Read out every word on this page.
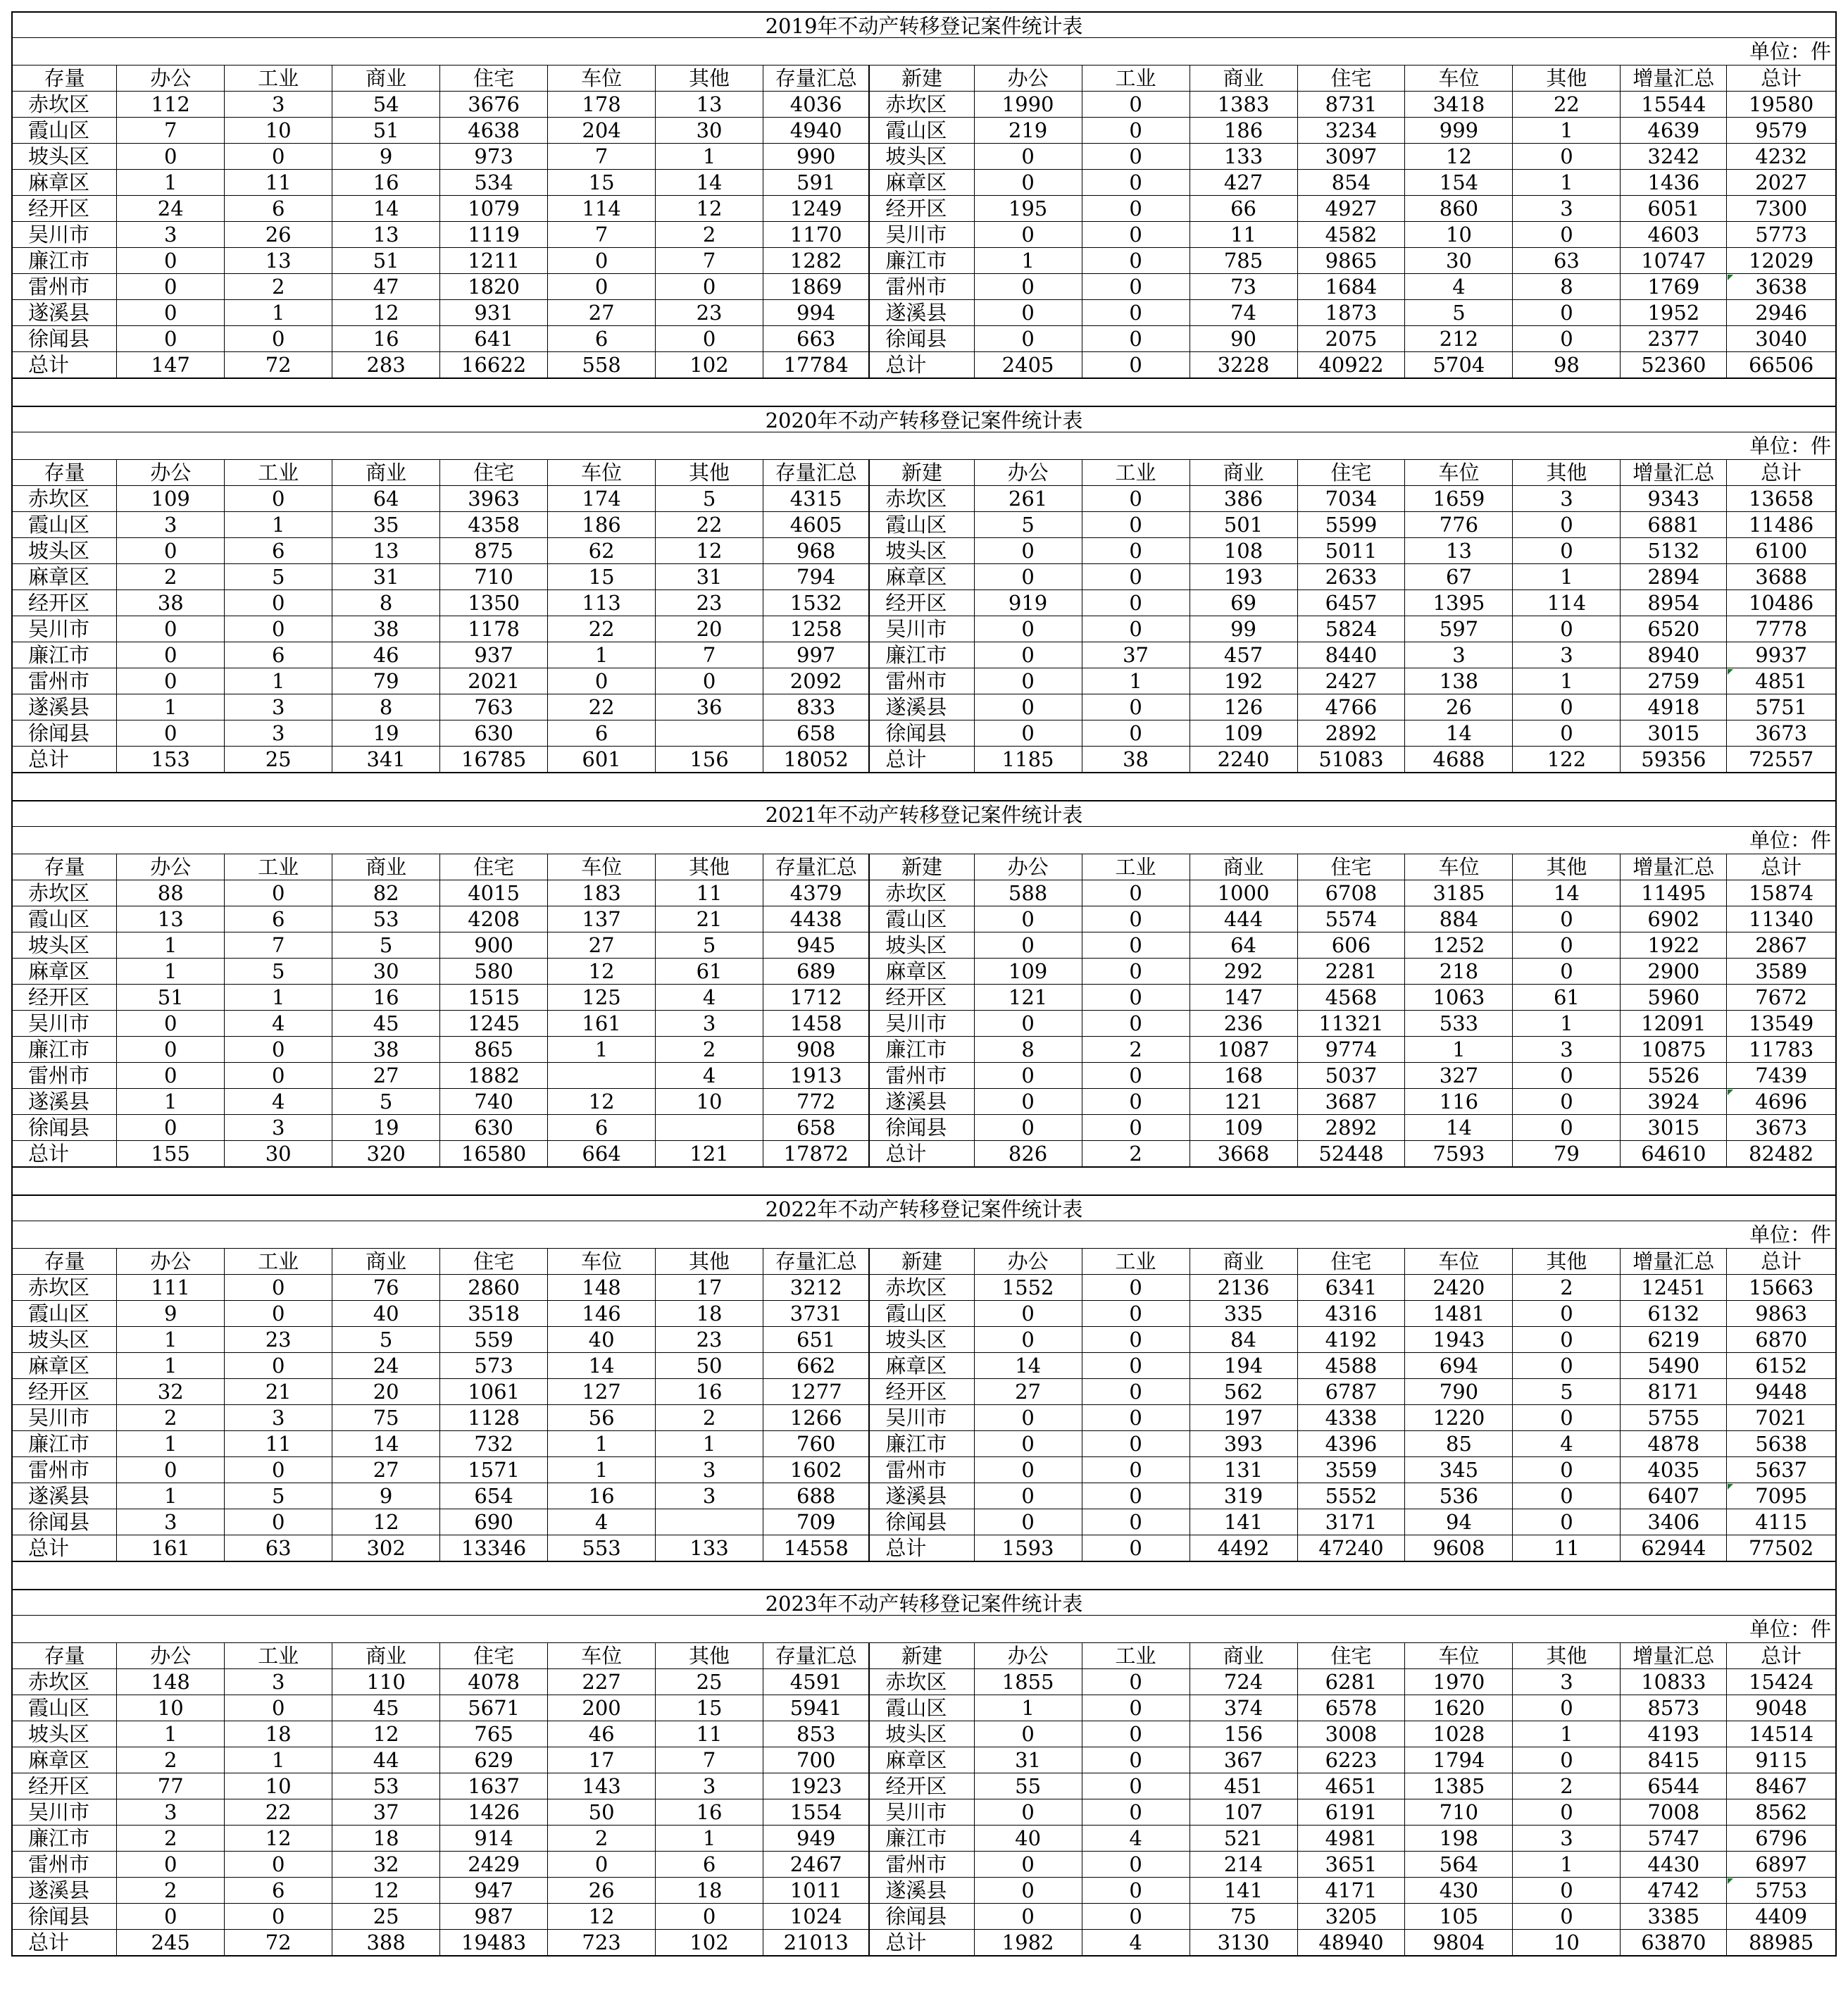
2019年不动产转移登记案件统计表
单位：件
存量	办公	工业	商业	住宅	车位	其他	存量汇总	新建	办公	工业	商业	住宅	车位	其他	增量汇总	总计
赤坎区	112	3	54	3676	178	13	4036	赤坎区	1990	0	1383	8731	3418	22	15544	19580
霞山区	7	10	51	4638	204	30	4940	霞山区	219	0	186	3234	999	1	4639	9579
坡头区	0	0	9	973	7	1	990	坡头区	0	0	133	3097	12	0	3242	4232
麻章区	1	11	16	534	15	14	591	麻章区	0	0	427	854	154	1	1436	2027
经开区	24	6	14	1079	114	12	1249	经开区	195	0	66	4927	860	3	6051	7300
吴川市	3	26	13	1119	7	2	1170	吴川市	0	0	11	4582	10	0	4603	5773
廉江市	0	13	51	1211	0	7	1282	廉江市	1	0	785	9865	30	63	10747	12029
雷州市	0	2	47	1820	0	0	1869	雷州市	0	0	73	1684	4	8	1769	3638
遂溪县	0	1	12	931	27	23	994	遂溪县	0	0	74	1873	5	0	1952	2946
徐闻县	0	0	16	641	6	0	663	徐闻县	0	0	90	2075	212	0	2377	3040
总计	147	72	283	16622	558	102	17784	总计	2405	0	3228	40922	5704	98	52360	66506
2020年不动产转移登记案件统计表
单位：件
存量	办公	工业	商业	住宅	车位	其他	存量汇总	新建	办公	工业	商业	住宅	车位	其他	增量汇总	总计
赤坎区	109	0	64	3963	174	5	4315	赤坎区	261	0	386	7034	1659	3	9343	13658
霞山区	3	1	35	4358	186	22	4605	霞山区	5	0	501	5599	776	0	6881	11486
坡头区	0	6	13	875	62	12	968	坡头区	0	0	108	5011	13	0	5132	6100
麻章区	2	5	31	710	15	31	794	麻章区	0	0	193	2633	67	1	2894	3688
经开区	38	0	8	1350	113	23	1532	经开区	919	0	69	6457	1395	114	8954	10486
吴川市	0	0	38	1178	22	20	1258	吴川市	0	0	99	5824	597	0	6520	7778
廉江市	0	6	46	937	1	7	997	廉江市	0	37	457	8440	3	3	8940	9937
雷州市	0	1	79	2021	0	0	2092	雷州市	0	1	192	2427	138	1	2759	4851
遂溪县	1	3	8	763	22	36	833	遂溪县	0	0	126	4766	26	0	4918	5751
徐闻县	0	3	19	630	6		658	徐闻县	0	0	109	2892	14	0	3015	3673
总计	153	25	341	16785	601	156	18052	总计	1185	38	2240	51083	4688	122	59356	72557
2021年不动产转移登记案件统计表
单位：件
存量	办公	工业	商业	住宅	车位	其他	存量汇总	新建	办公	工业	商业	住宅	车位	其他	增量汇总	总计
赤坎区	88	0	82	4015	183	11	4379	赤坎区	588	0	1000	6708	3185	14	11495	15874
霞山区	13	6	53	4208	137	21	4438	霞山区	0	0	444	5574	884	0	6902	11340
坡头区	1	7	5	900	27	5	945	坡头区	0	0	64	606	1252	0	1922	2867
麻章区	1	5	30	580	12	61	689	麻章区	109	0	292	2281	218	0	2900	3589
经开区	51	1	16	1515	125	4	1712	经开区	121	0	147	4568	1063	61	5960	7672
吴川市	0	4	45	1245	161	3	1458	吴川市	0	0	236	11321	533	1	12091	13549
廉江市	0	0	38	865	1	2	908	廉江市	8	2	1087	9774	1	3	10875	11783
雷州市	0	0	27	1882		4	1913	雷州市	0	0	168	5037	327	0	5526	7439
遂溪县	1	4	5	740	12	10	772	遂溪县	0	0	121	3687	116	0	3924	4696
徐闻县	0	3	19	630	6		658	徐闻县	0	0	109	2892	14	0	3015	3673
总计	155	30	320	16580	664	121	17872	总计	826	2	3668	52448	7593	79	64610	82482
2022年不动产转移登记案件统计表
单位：件
存量	办公	工业	商业	住宅	车位	其他	存量汇总	新建	办公	工业	商业	住宅	车位	其他	增量汇总	总计
赤坎区	111	0	76	2860	148	17	3212	赤坎区	1552	0	2136	6341	2420	2	12451	15663
霞山区	9	0	40	3518	146	18	3731	霞山区	0	0	335	4316	1481	0	6132	9863
坡头区	1	23	5	559	40	23	651	坡头区	0	0	84	4192	1943	0	6219	6870
麻章区	1	0	24	573	14	50	662	麻章区	14	0	194	4588	694	0	5490	6152
经开区	32	21	20	1061	127	16	1277	经开区	27	0	562	6787	790	5	8171	9448
吴川市	2	3	75	1128	56	2	1266	吴川市	0	0	197	4338	1220	0	5755	7021
廉江市	1	11	14	732	1	1	760	廉江市	0	0	393	4396	85	4	4878	5638
雷州市	0	0	27	1571	1	3	1602	雷州市	0	0	131	3559	345	0	4035	5637
遂溪县	1	5	9	654	16	3	688	遂溪县	0	0	319	5552	536	0	6407	7095
徐闻县	3	0	12	690	4		709	徐闻县	0	0	141	3171	94	0	3406	4115
总计	161	63	302	13346	553	133	14558	总计	1593	0	4492	47240	9608	11	62944	77502
2023年不动产转移登记案件统计表
单位：件
存量	办公	工业	商业	住宅	车位	其他	存量汇总	新建	办公	工业	商业	住宅	车位	其他	增量汇总	总计
赤坎区	148	3	110	4078	227	25	4591	赤坎区	1855	0	724	6281	1970	3	10833	15424
霞山区	10	0	45	5671	200	15	5941	霞山区	1	0	374	6578	1620	0	8573	9048
坡头区	1	18	12	765	46	11	853	坡头区	0	0	156	3008	1028	1	4193	14514
麻章区	2	1	44	629	17	7	700	麻章区	31	0	367	6223	1794	0	8415	9115
经开区	77	10	53	1637	143	3	1923	经开区	55	0	451	4651	1385	2	6544	8467
吴川市	3	22	37	1426	50	16	1554	吴川市	0	0	107	6191	710	0	7008	8562
廉江市	2	12	18	914	2	1	949	廉江市	40	4	521	4981	198	3	5747	6796
雷州市	0	0	32	2429	0	6	2467	雷州市	0	0	214	3651	564	1	4430	6897
遂溪县	2	6	12	947	26	18	1011	遂溪县	0	0	141	4171	430	0	4742	5753
徐闻县	0	0	25	987	12	0	1024	徐闻县	0	0	75	3205	105	0	3385	4409
总计	245	72	388	19483	723	102	21013	总计	1982	4	3130	48940	9804	10	63870	88985
